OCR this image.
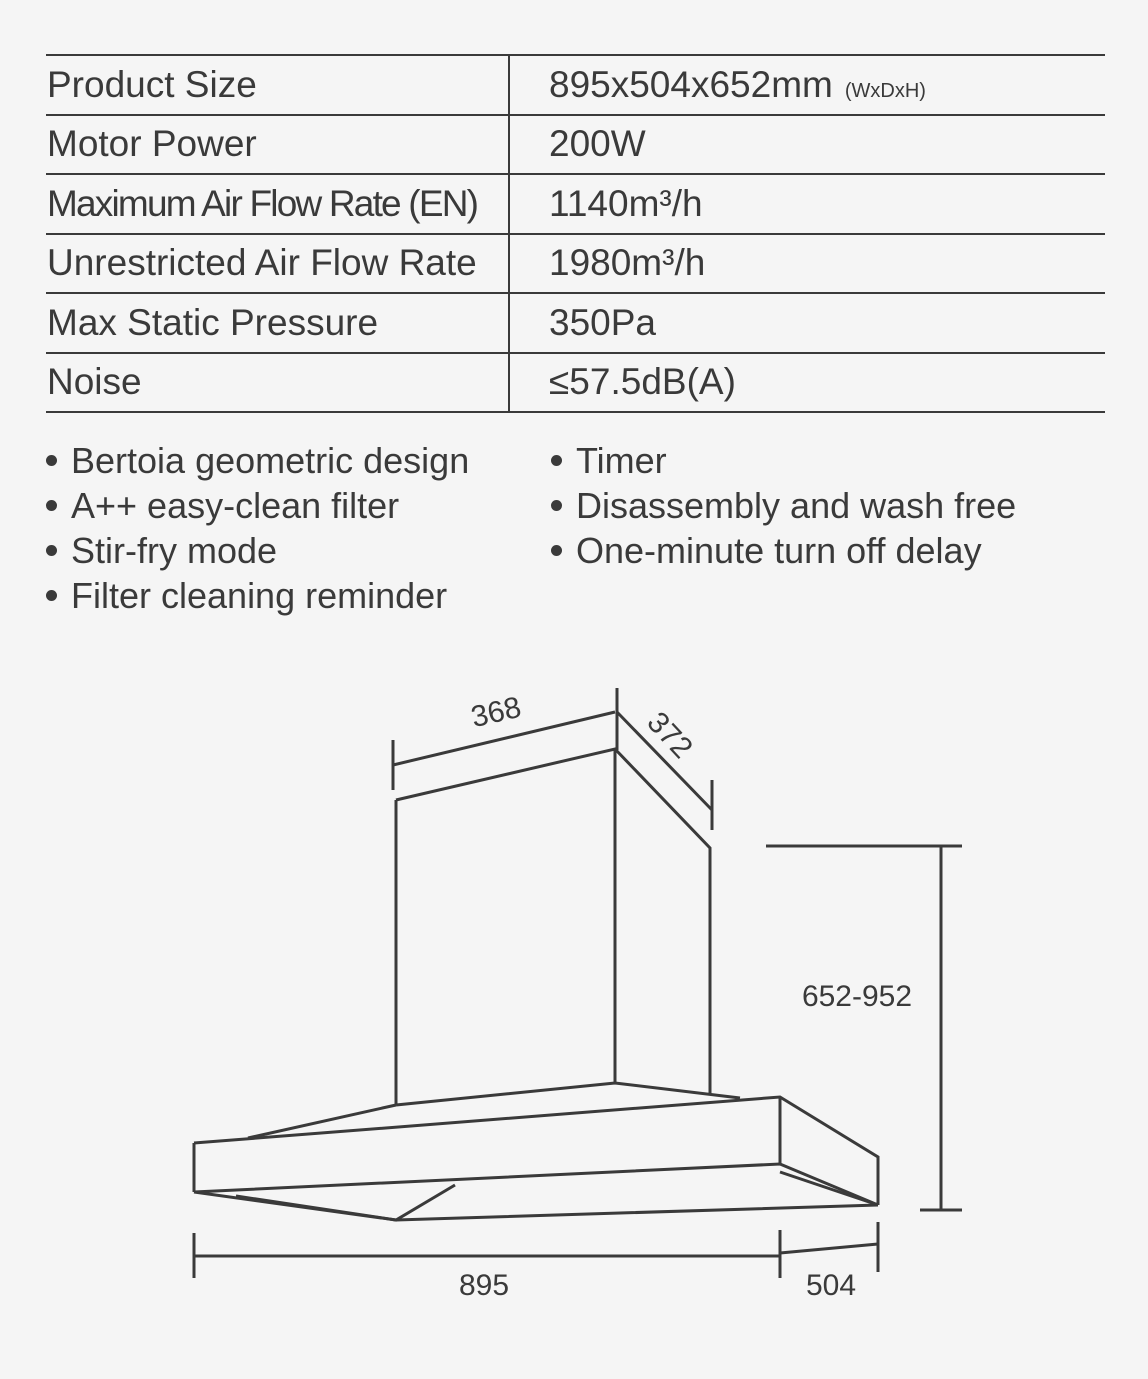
Product Size	895x504x652mm (WxDxH)
Motor Power	200W
Maximum Air Flow Rate (EN)	1140m³/h
Unrestricted Air Flow Rate	1980m³/h
Max Static Pressure	350Pa
Noise	≤57.5dB(A)
Bertoia geometric design
A++ easy-clean filter
Stir-fry mode
Filter cleaning reminder
Timer
Disassembly and wash free
One-minute turn off delay
368	372
652-952
895	504
